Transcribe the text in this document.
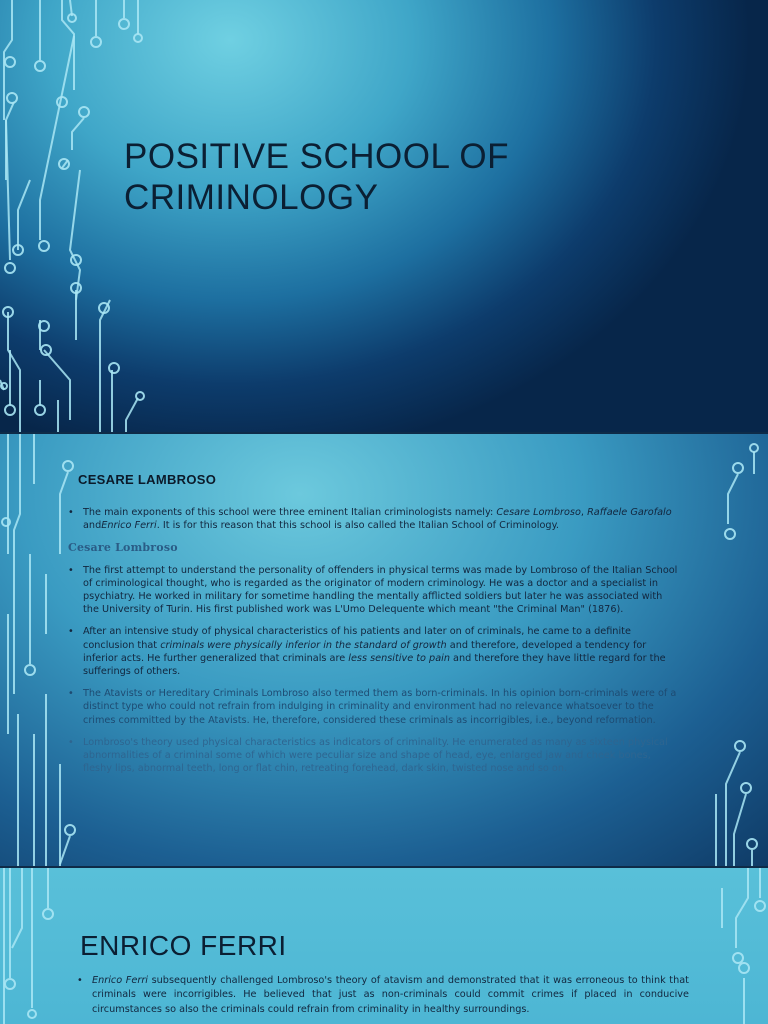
POSITIVE SCHOOL OF
CRIMINOLOGY
CESARE LAMBROSO

• The main exponents of this school were three eminent Italian criminologists namely: Cesare Lombroso, Raffaele Garofalo andEnrico Ferri. It is for this reason that this school is also called the Italian School of Criminology.

Cesare Lombroso

• The first attempt to understand the personality of offenders in physical terms was made by Lombroso of the Italian School of criminological thought, who is regarded as the originator of modern criminology. He was a doctor and a specialist in psychiatry. He worked in military for sometime handling the mentally afflicted soldiers but later he was associated with the University of Turin. His first published work was L'Umo Delequente which meant "the Criminal Man" (1876).

• After an intensive study of physical characteristics of his patients and later on of criminals, he came to a definite conclusion that criminals were physically inferior in the standard of growth and therefore, developed a tendency for inferior acts. He further generalized that criminals are less sensitive to pain and therefore they have little regard for the sufferings of others.

• The Atavists or Hereditary Criminals Lombroso also termed them as born-criminals. In his opinion born-criminals were of a distinct type who could not refrain from indulging in criminality and environment had no relevance whatsoever to the crimes committed by the Atavists. He, therefore, considered these criminals as incorrigibles, i.e., beyond reformation.

• Lombroso's theory used physical characteristics as indicators of criminality. He enumerated as many as sixteen physical abnormalities of a criminal some of which were peculiar size and shape of head, eye, enlarged jaw and cheek bones, fleshy lips, abnormal teeth, long or flat chin, retreating forehead, dark skin, twisted nose and so on.

ENRICO FERRI

• Enrico Ferri subsequently challenged Lombroso's theory of atavism and demonstrated that it was erroneous to think that criminals were incorrigibles. He believed that just as non-criminals could commit crimes if placed in conducive circumstances so also the criminals could refrain from criminality in healthy surroundings.
